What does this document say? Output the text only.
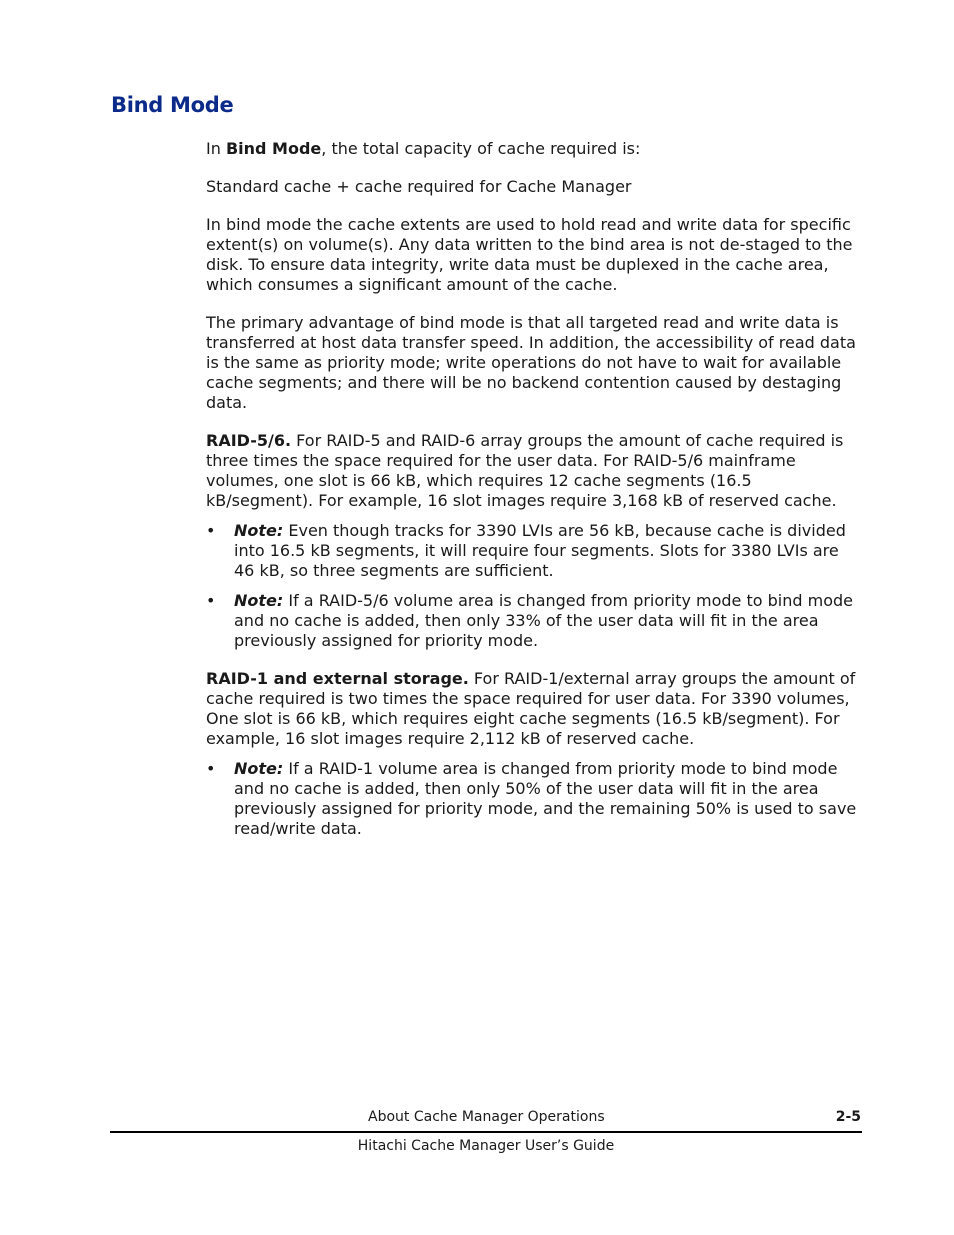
Bind Mode

In Bind Mode, the total capacity of cache required is:

Standard cache + cache required for Cache Manager

In bind mode the cache extents are used to hold read and write data for specific extent(s) on volume(s). Any data written to the bind area is not de-staged to the disk. To ensure data integrity, write data must be duplexed in the cache area, which consumes a significant amount of the cache.

The primary advantage of bind mode is that all targeted read and write data is transferred at host data transfer speed. In addition, the accessibility of read data is the same as priority mode; write operations do not have to wait for available cache segments; and there will be no backend contention caused by destaging data.

RAID-5/6. For RAID-5 and RAID-6 array groups the amount of cache required is three times the space required for the user data. For RAID-5/6 mainframe volumes, one slot is 66 kB, which requires 12 cache segments (16.5 kB/segment). For example, 16 slot images require 3,168 kB of reserved cache.

• Note: Even though tracks for 3390 LVIs are 56 kB, because cache is divided into 16.5 kB segments, it will require four segments. Slots for 3380 LVIs are 46 kB, so three segments are sufficient.
• Note: If a RAID-5/6 volume area is changed from priority mode to bind mode and no cache is added, then only 33% of the user data will fit in the area previously assigned for priority mode.

RAID-1 and external storage. For RAID-1/external array groups the amount of cache required is two times the space required for user data. For 3390 volumes, One slot is 66 kB, which requires eight cache segments (16.5 kB/segment). For example, 16 slot images require 2,112 kB of reserved cache.

• Note: If a RAID-1 volume area is changed from priority mode to bind mode and no cache is added, then only 50% of the user data will fit in the area previously assigned for priority mode, and the remaining 50% is used to save read/write data.
About Cache Manager Operations	2-5
Hitachi Cache Manager User’s Guide
